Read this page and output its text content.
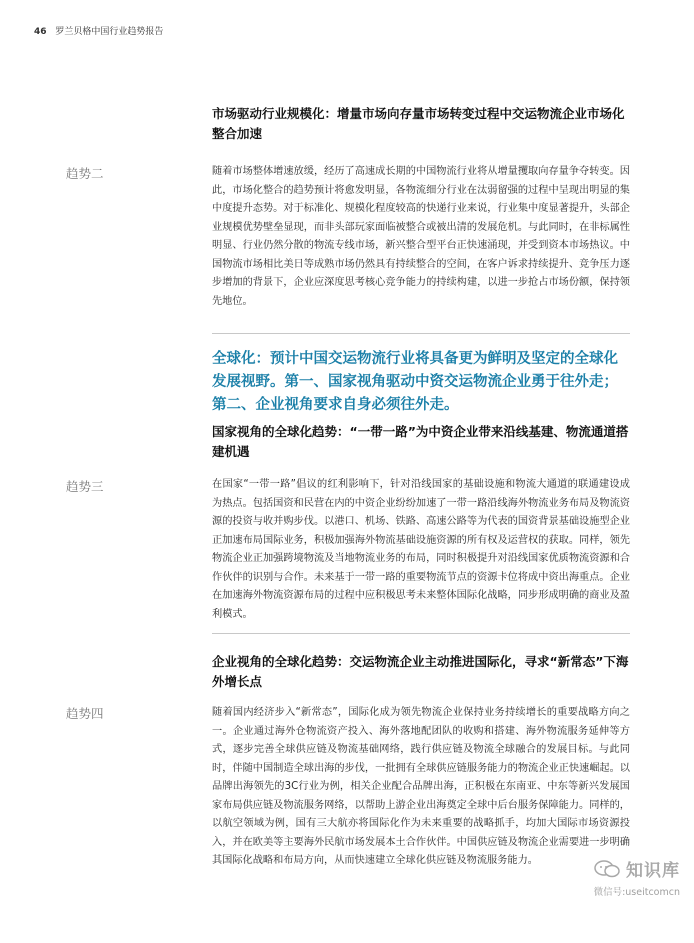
46 罗兰贝格中国行业趋势报告
市场驱动行业规模化：增量市场向存量市场转变过程中交运物流企业市场化整合加速
趋势二	随着市场整体增速放缓，经历了高速成长期的中国物流行业将从增量攫取向存量争夺转变。因此，市场化整合的趋势预计将愈发明显，各物流细分行业在汰弱留强的过程中呈现出明显的集中度提升态势。对于标准化、规模化程度较高的快递行业来说，行业集中度显著提升，头部企业规模优势壁垒显现，而非头部玩家面临被整合或被出清的发展危机。与此同时，在非标属性明显、行业仍然分散的物流专线市场，新兴整合型平台正快速涌现，并受到资本市场热议。中国物流市场相比美日等成熟市场仍然具有持续整合的空间，在客户诉求持续提升、竞争压力逐步增加的背景下，企业应深度思考核心竞争能力的持续构建，以进一步抢占市场份额，保持领先地位。
全球化：预计中国交运物流行业将具备更为鲜明及坚定的全球化发展视野。第一、国家视角驱动中资交运物流企业勇于往外走；第二、企业视角要求自身必须往外走。
国家视角的全球化趋势：“一带一路”为中资企业带来沿线基建、物流通道搭建机遇
趋势三	在国家“一带一路”倡议的红利影响下，针对沿线国家的基础设施和物流大通道的联通建设成为热点。包括国资和民营在内的中资企业纷纷加速了一带一路沿线海外物流业务布局及物流资源的投资与收并购步伐。以港口、机场、铁路、高速公路等为代表的国资背景基础设施型企业正加速布局国际业务，积极加强海外物流基础设施资源的所有权及运营权的获取。同样，领先物流企业正加强跨境物流及当地物流业务的布局，同时积极提升对沿线国家优质物流资源和合作伙伴的识别与合作。未来基于一带一路的重要物流节点的资源卡位将成中资出海重点。企业在加速海外物流资源布局的过程中应积极思考未来整体国际化战略，同步形成明确的商业及盈利模式。
企业视角的全球化趋势：交运物流企业主动推进国际化，寻求“新常态”下海外增长点
趋势四	随着国内经济步入“新常态”，国际化成为领先物流企业保持业务持续增长的重要战略方向之一。企业通过海外仓物流资产投入、海外落地配团队的收购和搭建、海外物流服务延伸等方式，逐步完善全球供应链及物流基础网络，践行供应链及物流全球融合的发展目标。与此同时，伴随中国制造全球出海的步伐，一批拥有全球供应链服务能力的物流企业正快速崛起。以品牌出海领先的3C行业为例，相关企业配合品牌出海，正积极在东南亚、中东等新兴发展国家布局供应链及物流服务网络，以帮助上游企业出海奠定全球中后台服务保障能力。同样的，以航空领域为例，国有三大航亦将国际化作为未来重要的战略抓手，均加大国际市场资源投入，并在欧美等主要海外民航市场发展本土合作伙伴。中国供应链及物流企业需要进一步明确其国际化战略和布局方向，从而快速建立全球化供应链及物流服务能力。
知识库
微信号:useitcomcn
